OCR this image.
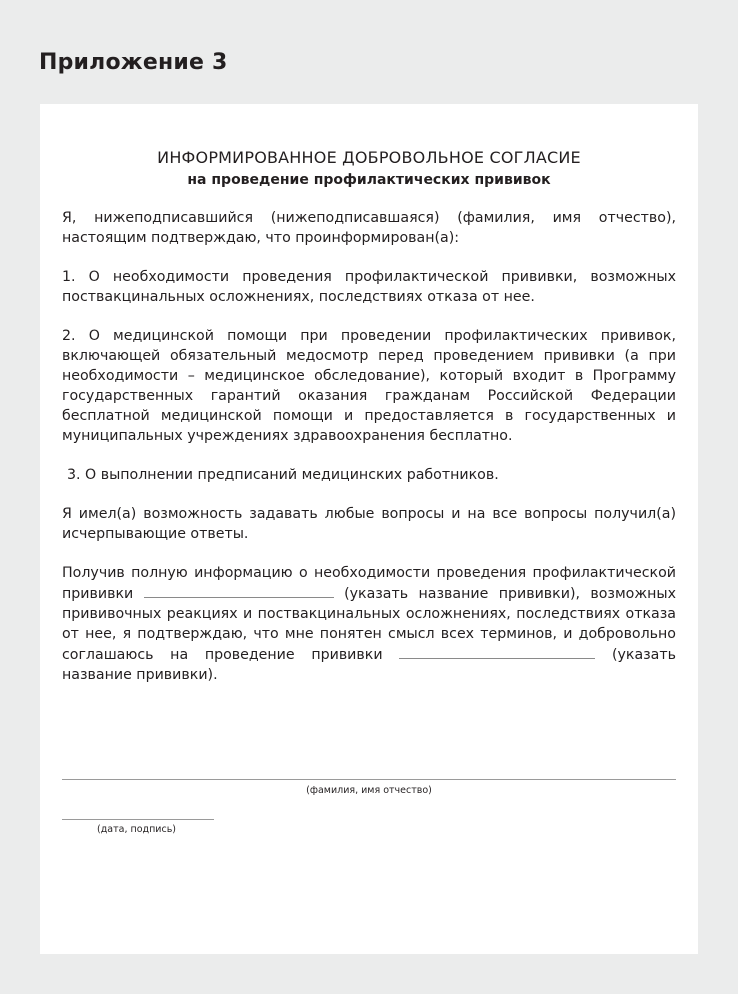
Приложение 3
ИНФОРМИРОВАННОЕ ДОБРОВОЛЬНОЕ СОГЛАСИЕ
на проведение профилактических прививок

Я, нижеподписавшийся (нижеподписавшаяся) (фамилия, имя отчество), настоящим подтверждаю, что проинформирован(а):

1. О необходимости проведения профилактической прививки, возможных поствакцинальных осложнениях, последствиях отказа от нее.

2. О медицинской помощи при проведении профилактических прививок, включающей обязательный медосмотр перед проведением прививки (а при необходимости – медицинское обследование), который входит в Программу государственных гарантий оказания гражданам Российской Федерации бесплатной медицинской помощи и предоставляется в государственных и муниципальных учреждениях здравоохранения бесплатно.

3. О выполнении предписаний медицинских работников.

Я имел(а) возможность задавать любые вопросы и на все вопросы получил(а) исчерпывающие ответы.

Получив полную информацию о необходимости проведения профилактической прививки	(указать название прививки), возможных прививочных реакциях и поствакцинальных осложнениях, последствиях отказа от нее, я подтверждаю, что мне понятен смысл всех терминов, и добровольно соглашаюсь на проведение прививки	(указать название прививки).

(фамилия, имя отчество)
(дата, подпись)
